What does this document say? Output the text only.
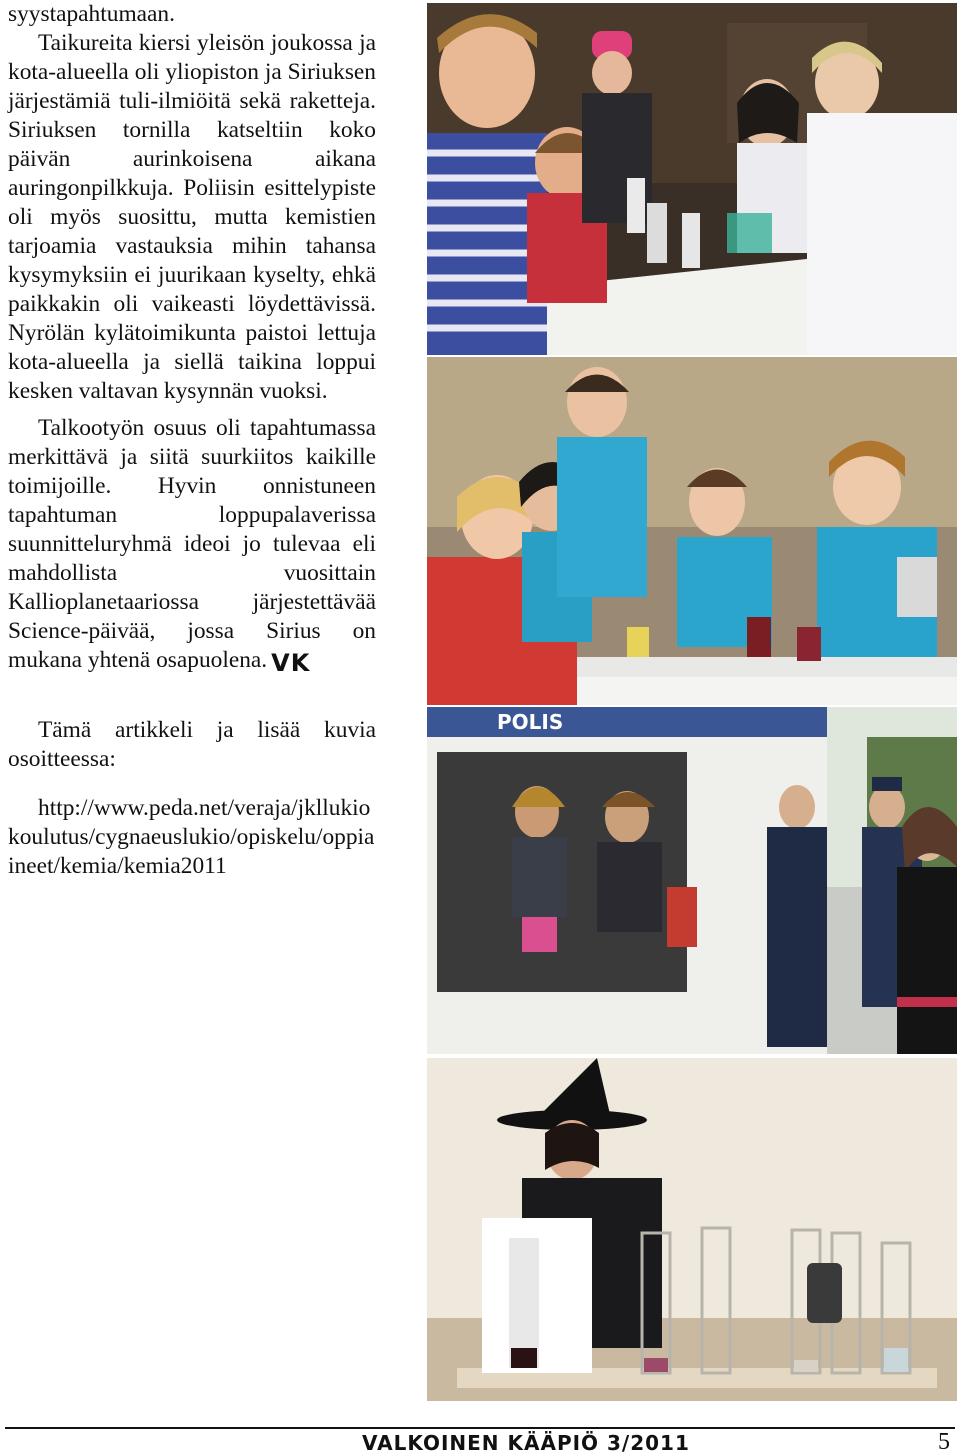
syystapahtumaan.

Taikureita kiersi yleisön joukossa ja kota-alueella oli yliopiston ja Siriuksen järjestämiä tuli-ilmiöitä sekä raketteja. Siriuksen tornilla katseltiin koko päivän aurinkoisena aikana auringonpilkkuja. Poliisin esittelypiste oli myös suosittu, mutta kemistien tarjoamia vastauksia mihin tahansa kysymyksiin ei juurikaan kyselty, ehkä paikkakin oli vaikeasti löydettävissä. Nyrölän kylätoimikunta paistoi lettuja kota-alueella ja siellä taikina loppui kesken valtavan kysynnän vuoksi.

Talkootyön osuus oli tapahtumassa merkittävä ja siitä suurkiitos kaikille toimijoille. Hyvin onnistuneen tapahtuman loppupalaverissa suunnitteluryhmä ideoi jo tulevaa eli mahdollista vuosittain Kallioplanetaariossa järjestettävää Science-päivää, jossa Sirius on mukana yhtenä osapuolena. VK

Tämä artikkeli ja lisää kuvia osoitteessa:

http://www.peda.net/veraja/jkllukiokoulutus/cygnaeuslukio/opiskelu/oppiaineet/kemia/kemia2011

POLIS
VALKOINEN KÄÄPIÖ 3/2011	5
